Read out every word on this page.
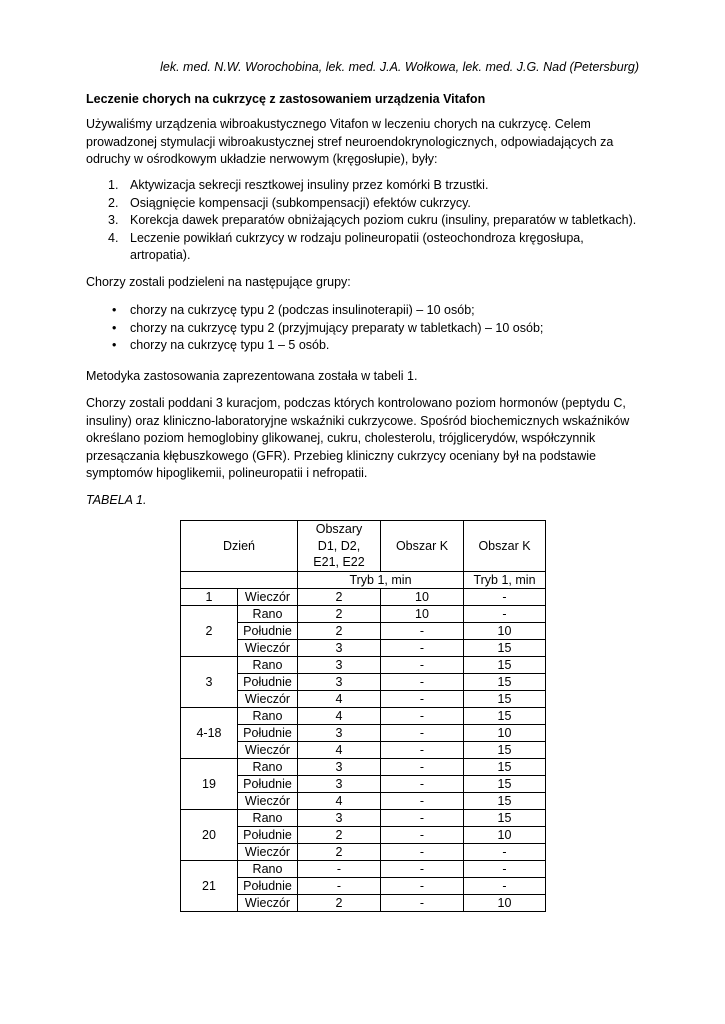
lek. med. N.W. Worochobina, lek. med. J.A. Wołkowa, lek. med. J.G. Nad (Petersburg)
Leczenie chorych na cukrzycę z zastosowaniem urządzenia Vitafon
Używaliśmy urządzenia wibroakustycznego Vitafon w leczeniu chorych na cukrzycę. Celem
prowadzonej stymulacji wibroakustycznej stref neuroendokrynologicznych, odpowiadających za
odruchy w ośrodkowym układzie nerwowym (kręgosłupie), były:
1. Aktywizacja sekrecji resztkowej insuliny przez komórki B trzustki.
2. Osiągnięcie kompensacji (subkompensacji) efektów cukrzycy.
3. Korekcja dawek preparatów obniżających poziom cukru (insuliny, preparatów w tabletkach).
4. Leczenie powikłań cukrzycy w rodzaju polineuropatii (osteochondroza kręgosłupa,
artropatia).
Chorzy zostali podzieleni na następujące grupy:
• chorzy na cukrzycę typu 2 (podczas insulinoterapii) – 10 osób;
• chorzy na cukrzycę typu 2 (przyjmujący preparaty w tabletkach) – 10 osób;
• chorzy na cukrzycę typu 1 – 5 osób.
Metodyka zastosowania zaprezentowana została w tabeli 1.
Chorzy zostali poddani 3 kuracjom, podczas których kontrolowano poziom hormonów (peptydu C,
insuliny) oraz kliniczno-laboratoryjne wskaźniki cukrzycowe. Spośród biochemicznych wskaźników
określano poziom hemoglobiny glikowanej, cukru, cholesterolu, trójglicerydów, współczynnik
przesączania kłębuszkowego (GFR). Przebieg kliniczny cukrzycy oceniany był na podstawie
symptomów hipoglikemii, polineuropatii i nefropatii.
TABELA 1.
Dzień		Obszary
D1, D2,
E21, E22	Obszar K	Obszar K
		Tryb 1, min		Tryb 1, min
1	Wieczór	2	10	-
2	Rano	2	10	-
	Południe	2	-	10
	Wieczór	3	-	15
3	Rano	3	-	15
	Południe	3	-	15
	Wieczór	4	-	15
4-18	Rano	4	-	15
	Południe	3	-	10
	Wieczór	4	-	15
19	Rano	3	-	15
	Południe	3	-	15
	Wieczór	4	-	15
20	Rano	3	-	15
	Południe	2	-	10
	Wieczór	2	-	-
21	Rano	-	-	-
	Południe	-	-	-
	Wieczór	2	-	10
